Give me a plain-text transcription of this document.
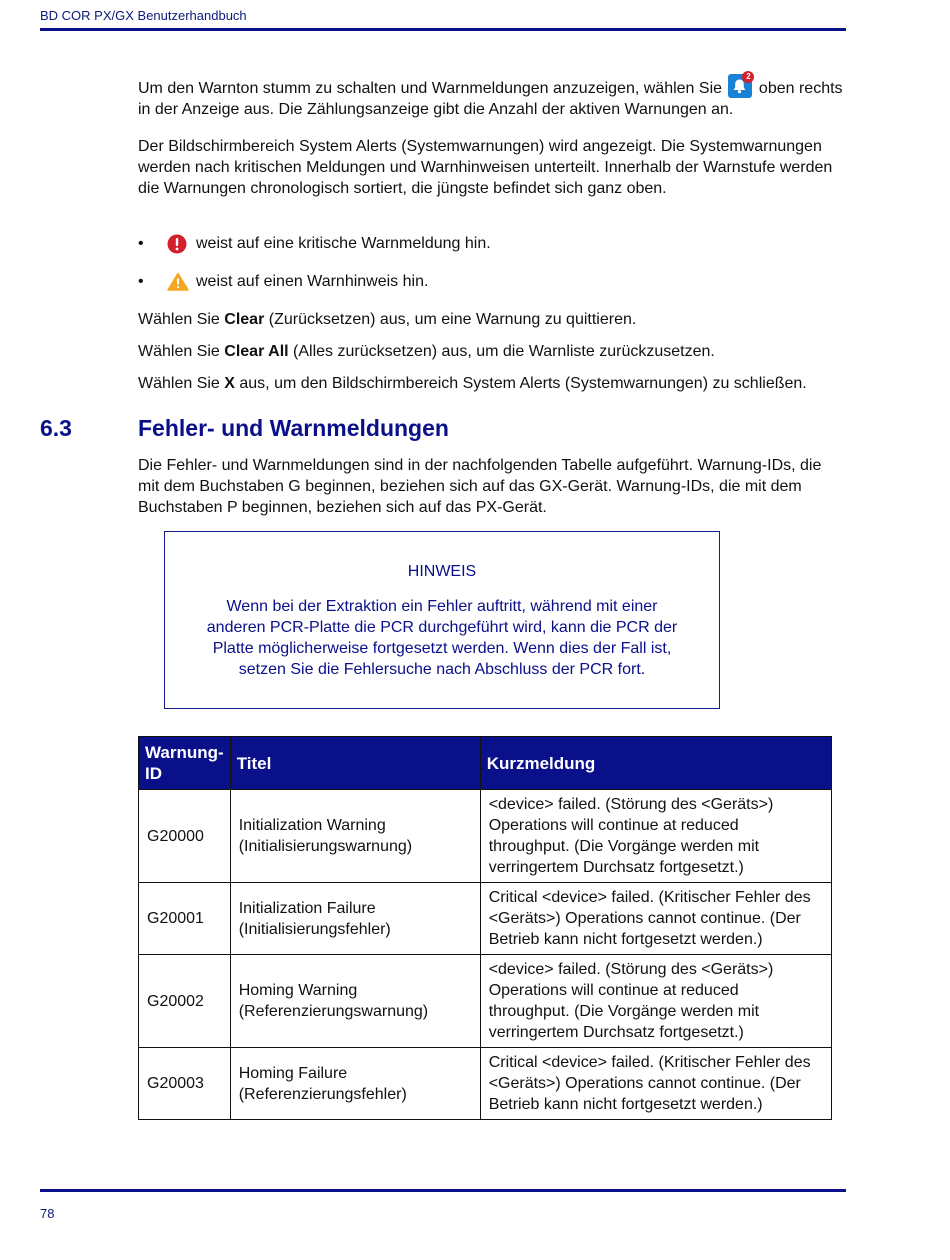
BD COR PX/GX Benutzerhandbuch

Um den Warnton stumm zu schalten und Warnmeldungen anzuzeigen, wählen Sie
2
oben rechts in der Anzeige aus. Die Zählungsanzeige gibt die Anzahl der aktiven Warnungen an.

Der Bildschirmbereich System Alerts (Systemwarnungen) wird angezeigt. Die Systemwarnungen werden nach kritischen Meldungen und Warnhinweisen unterteilt. Innerhalb der Warnstufe werden die Warnungen chronologisch sortiert, die jüngste befindet sich ganz oben.

•	weist auf eine kritische Warnmeldung hin.
•	weist auf einen Warnhinweis hin.

Wählen Sie Clear (Zurücksetzen) aus, um eine Warnung zu quittieren.

Wählen Sie Clear All (Alles zurücksetzen) aus, um die Warnliste zurückzusetzen.

Wählen Sie X aus, um den Bildschirmbereich System Alerts (Systemwarnungen) zu schließen.

6.3	Fehler- und Warnmeldungen

Die Fehler- und Warnmeldungen sind in der nachfolgenden Tabelle aufgeführt. Warnung-IDs, die mit dem Buchstaben G beginnen, beziehen sich auf das GX-Gerät. Warnung-IDs, die mit dem Buchstaben P beginnen, beziehen sich auf das PX-Gerät.

HINWEIS
Wenn bei der Extraktion ein Fehler auftritt, während mit einer anderen PCR-Platte die PCR durchgeführt wird, kann die PCR der Platte möglicherweise fortgesetzt werden. Wenn dies der Fall ist, setzen Sie die Fehlersuche nach Abschluss der PCR fort.
Warnung-ID	Titel	Kurzmeldung
G20000	Initialization Warning (Initialisierungswarnung)	<device> failed. (Störung des <Geräts>) Operations will continue at reduced throughput. (Die Vorgänge werden mit verringertem Durchsatz fortgesetzt.)
G20001	Initialization Failure (Initialisierungsfehler)	Critical <device> failed. (Kritischer Fehler des <Geräts>) Operations cannot continue. (Der Betrieb kann nicht fortgesetzt werden.)
G20002	Homing Warning (Referenzierungswarnung)	<device> failed. (Störung des <Geräts>) Operations will continue at reduced throughput. (Die Vorgänge werden mit verringertem Durchsatz fortgesetzt.)
G20003	Homing Failure (Referenzierungsfehler)	Critical <device> failed. (Kritischer Fehler des <Geräts>) Operations cannot continue. (Der Betrieb kann nicht fortgesetzt werden.)
78
